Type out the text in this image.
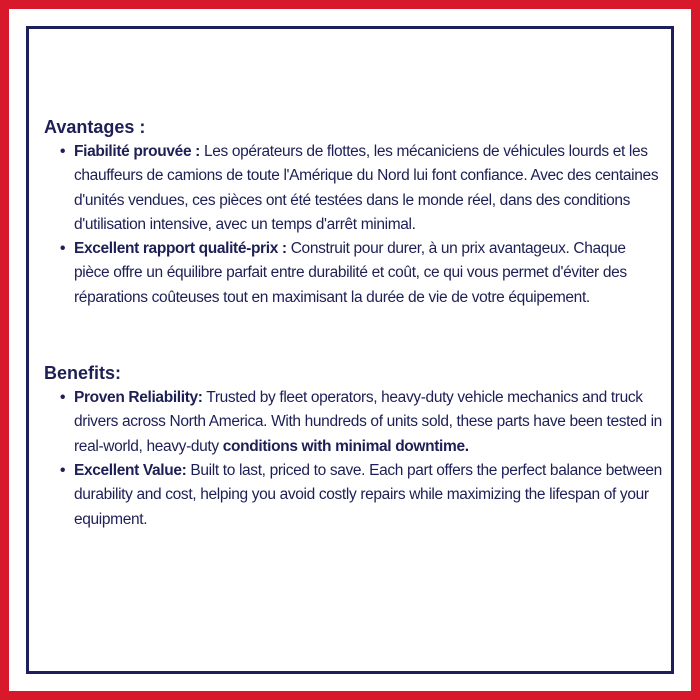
Avantages :
• Fiabilité prouvée : Les opérateurs de flottes, les mécaniciens de véhicules lourds et les chauffeurs de camions de toute l'Amérique du Nord lui font confiance. Avec des centaines d'unités vendues, ces pièces ont été testées dans le monde réel, dans des conditions d'utilisation intensive, avec un temps d'arrêt minimal.
• Excellent rapport qualité-prix : Construit pour durer, à un prix avantageux. Chaque pièce offre un équilibre parfait entre durabilité et coût, ce qui vous permet d'éviter des réparations coûteuses tout en maximisant la durée de vie de votre équipement.
Benefits:
• Proven Reliability: Trusted by fleet operators, heavy-duty vehicle mechanics and truck drivers across North America. With hundreds of units sold, these parts have been tested in real-world, heavy-duty conditions with minimal downtime.
• Excellent Value: Built to last, priced to save. Each part offers the perfect balance between durability and cost, helping you avoid costly repairs while maximizing the lifespan of your equipment.
